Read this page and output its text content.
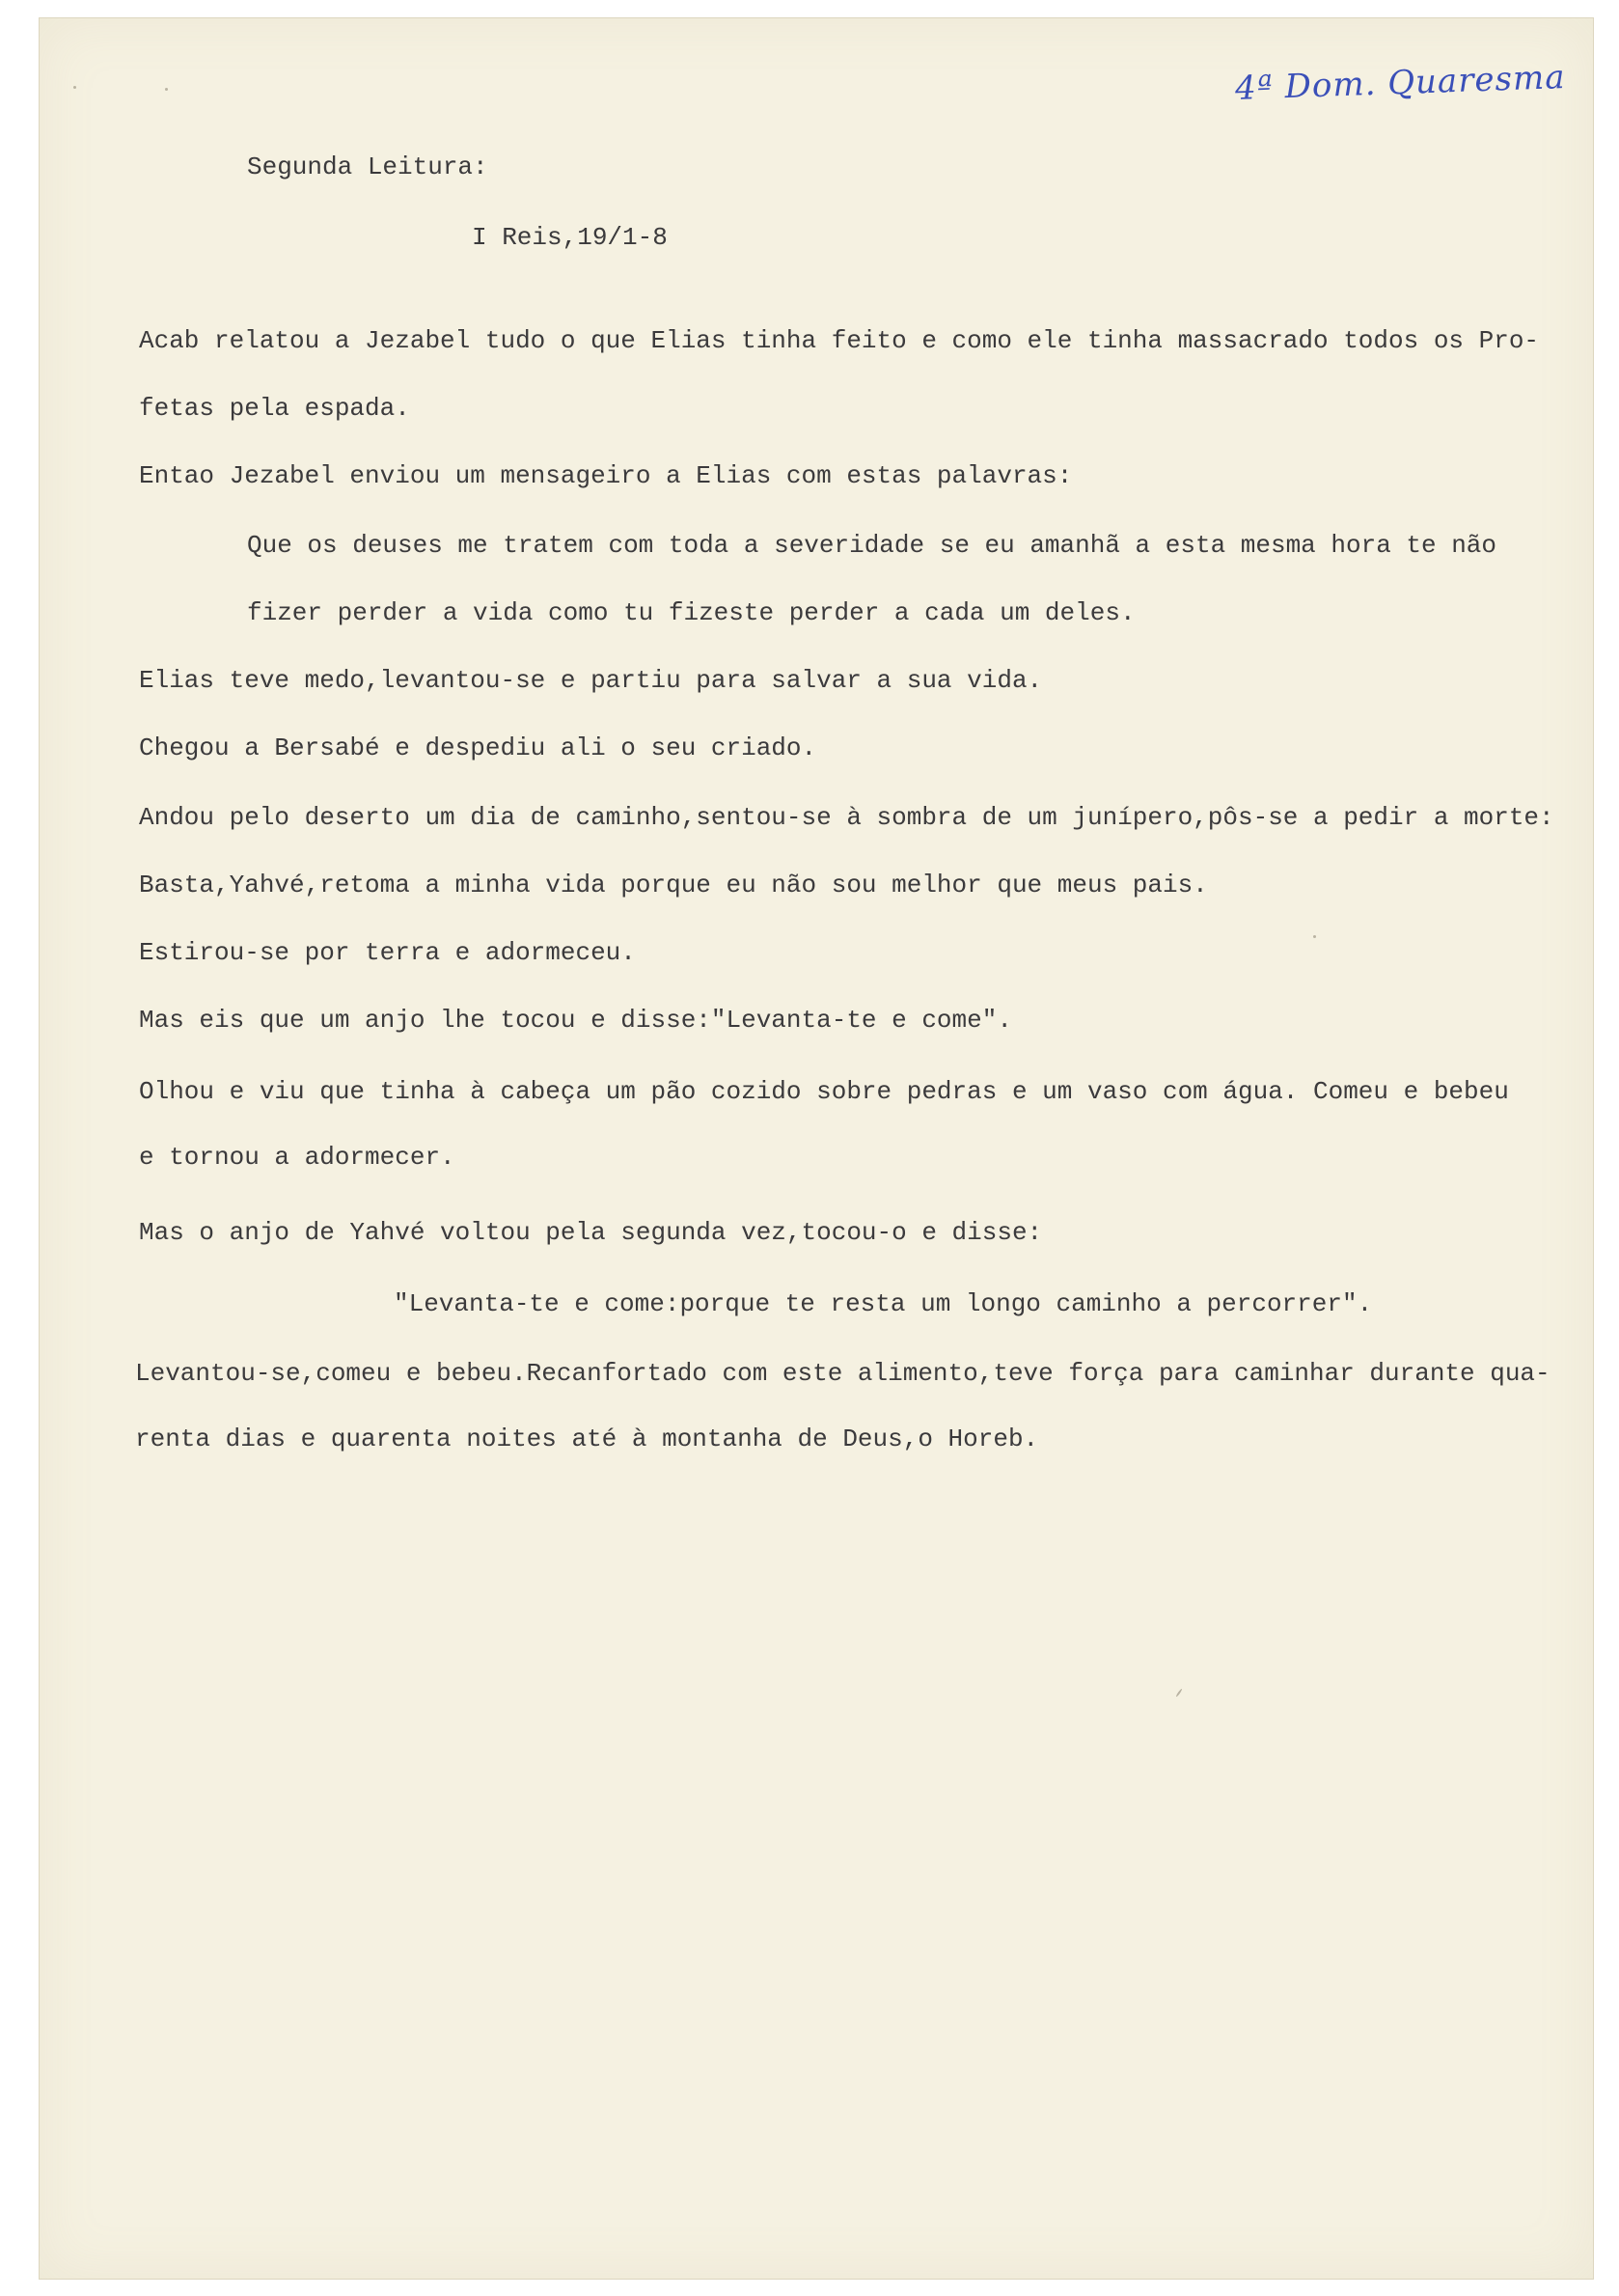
4ª Dom. Quaresma

Segunda Leitura:

I Reis,19/1-8

Acab relatou a Jezabel tudo o que Elias tinha feito e como ele tinha massacrado todos os Pro-

fetas pela espada.

Entao Jezabel enviou um mensageiro a Elias com estas palavras:

Que os deuses me tratem com toda a severidade se eu amanhã a esta mesma hora te não

fizer perder a vida como tu fizeste perder a cada um deles.

Elias teve medo,levantou-se e partiu para salvar a sua vida.

Chegou a Bersabé e despediu ali o seu criado.

Andou pelo deserto um dia de caminho,sentou-se à sombra de um junípero,pôs-se a pedir a morte:

Basta,Yahvé,retoma a minha vida porque eu não sou melhor que meus pais.

Estirou-se por terra e adormeceu.

Mas eis que um anjo lhe tocou e disse:"Levanta-te e come".

Olhou e viu que tinha à cabeça um pão cozido sobre pedras e um vaso com água. Comeu e bebeu

e tornou a adormecer.

Mas o anjo de Yahvé voltou pela segunda vez,tocou-o e disse:

"Levanta-te e come:porque te resta um longo caminho a percorrer".

Levantou-se,comeu e bebeu.Recanfortado com este alimento,teve força para caminhar durante qua-

renta dias e quarenta noites até à montanha de Deus,o Horeb.
